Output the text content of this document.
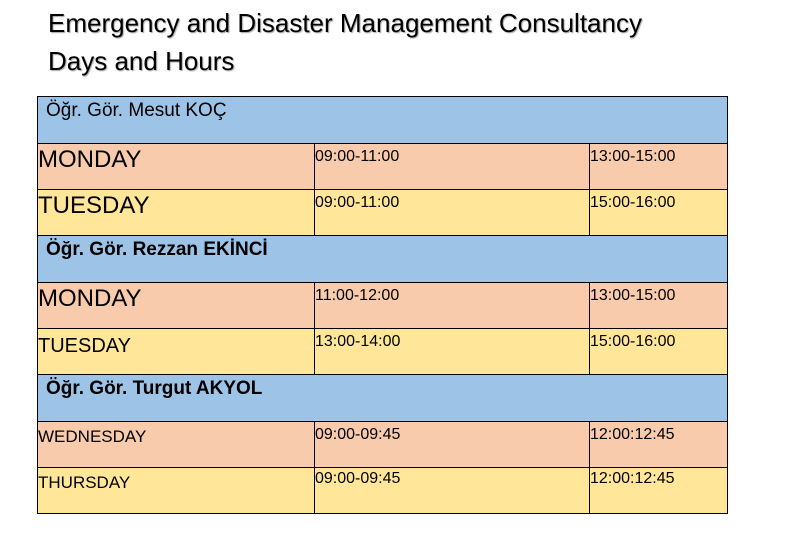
Emergency and Disaster Management Consultancy
Days and Hours
Öğr. Gör. Mesut KOÇ		

MONDAY	09:00-11:00	13:00-15:00

TUESDAY	09:00-11:00	15:00-16:00

Öğr. Gör. Rezzan EKİNCİ		

MONDAY	11:00-12:00	13:00-15:00

TUESDAY	13:00-14:00	15:00-16:00

Öğr. Gör. Turgut AKYOL		

WEDNESDAY	09:00-09:45	12:00:12:45

THURSDAY	09:00-09:45	12:00:12:45
